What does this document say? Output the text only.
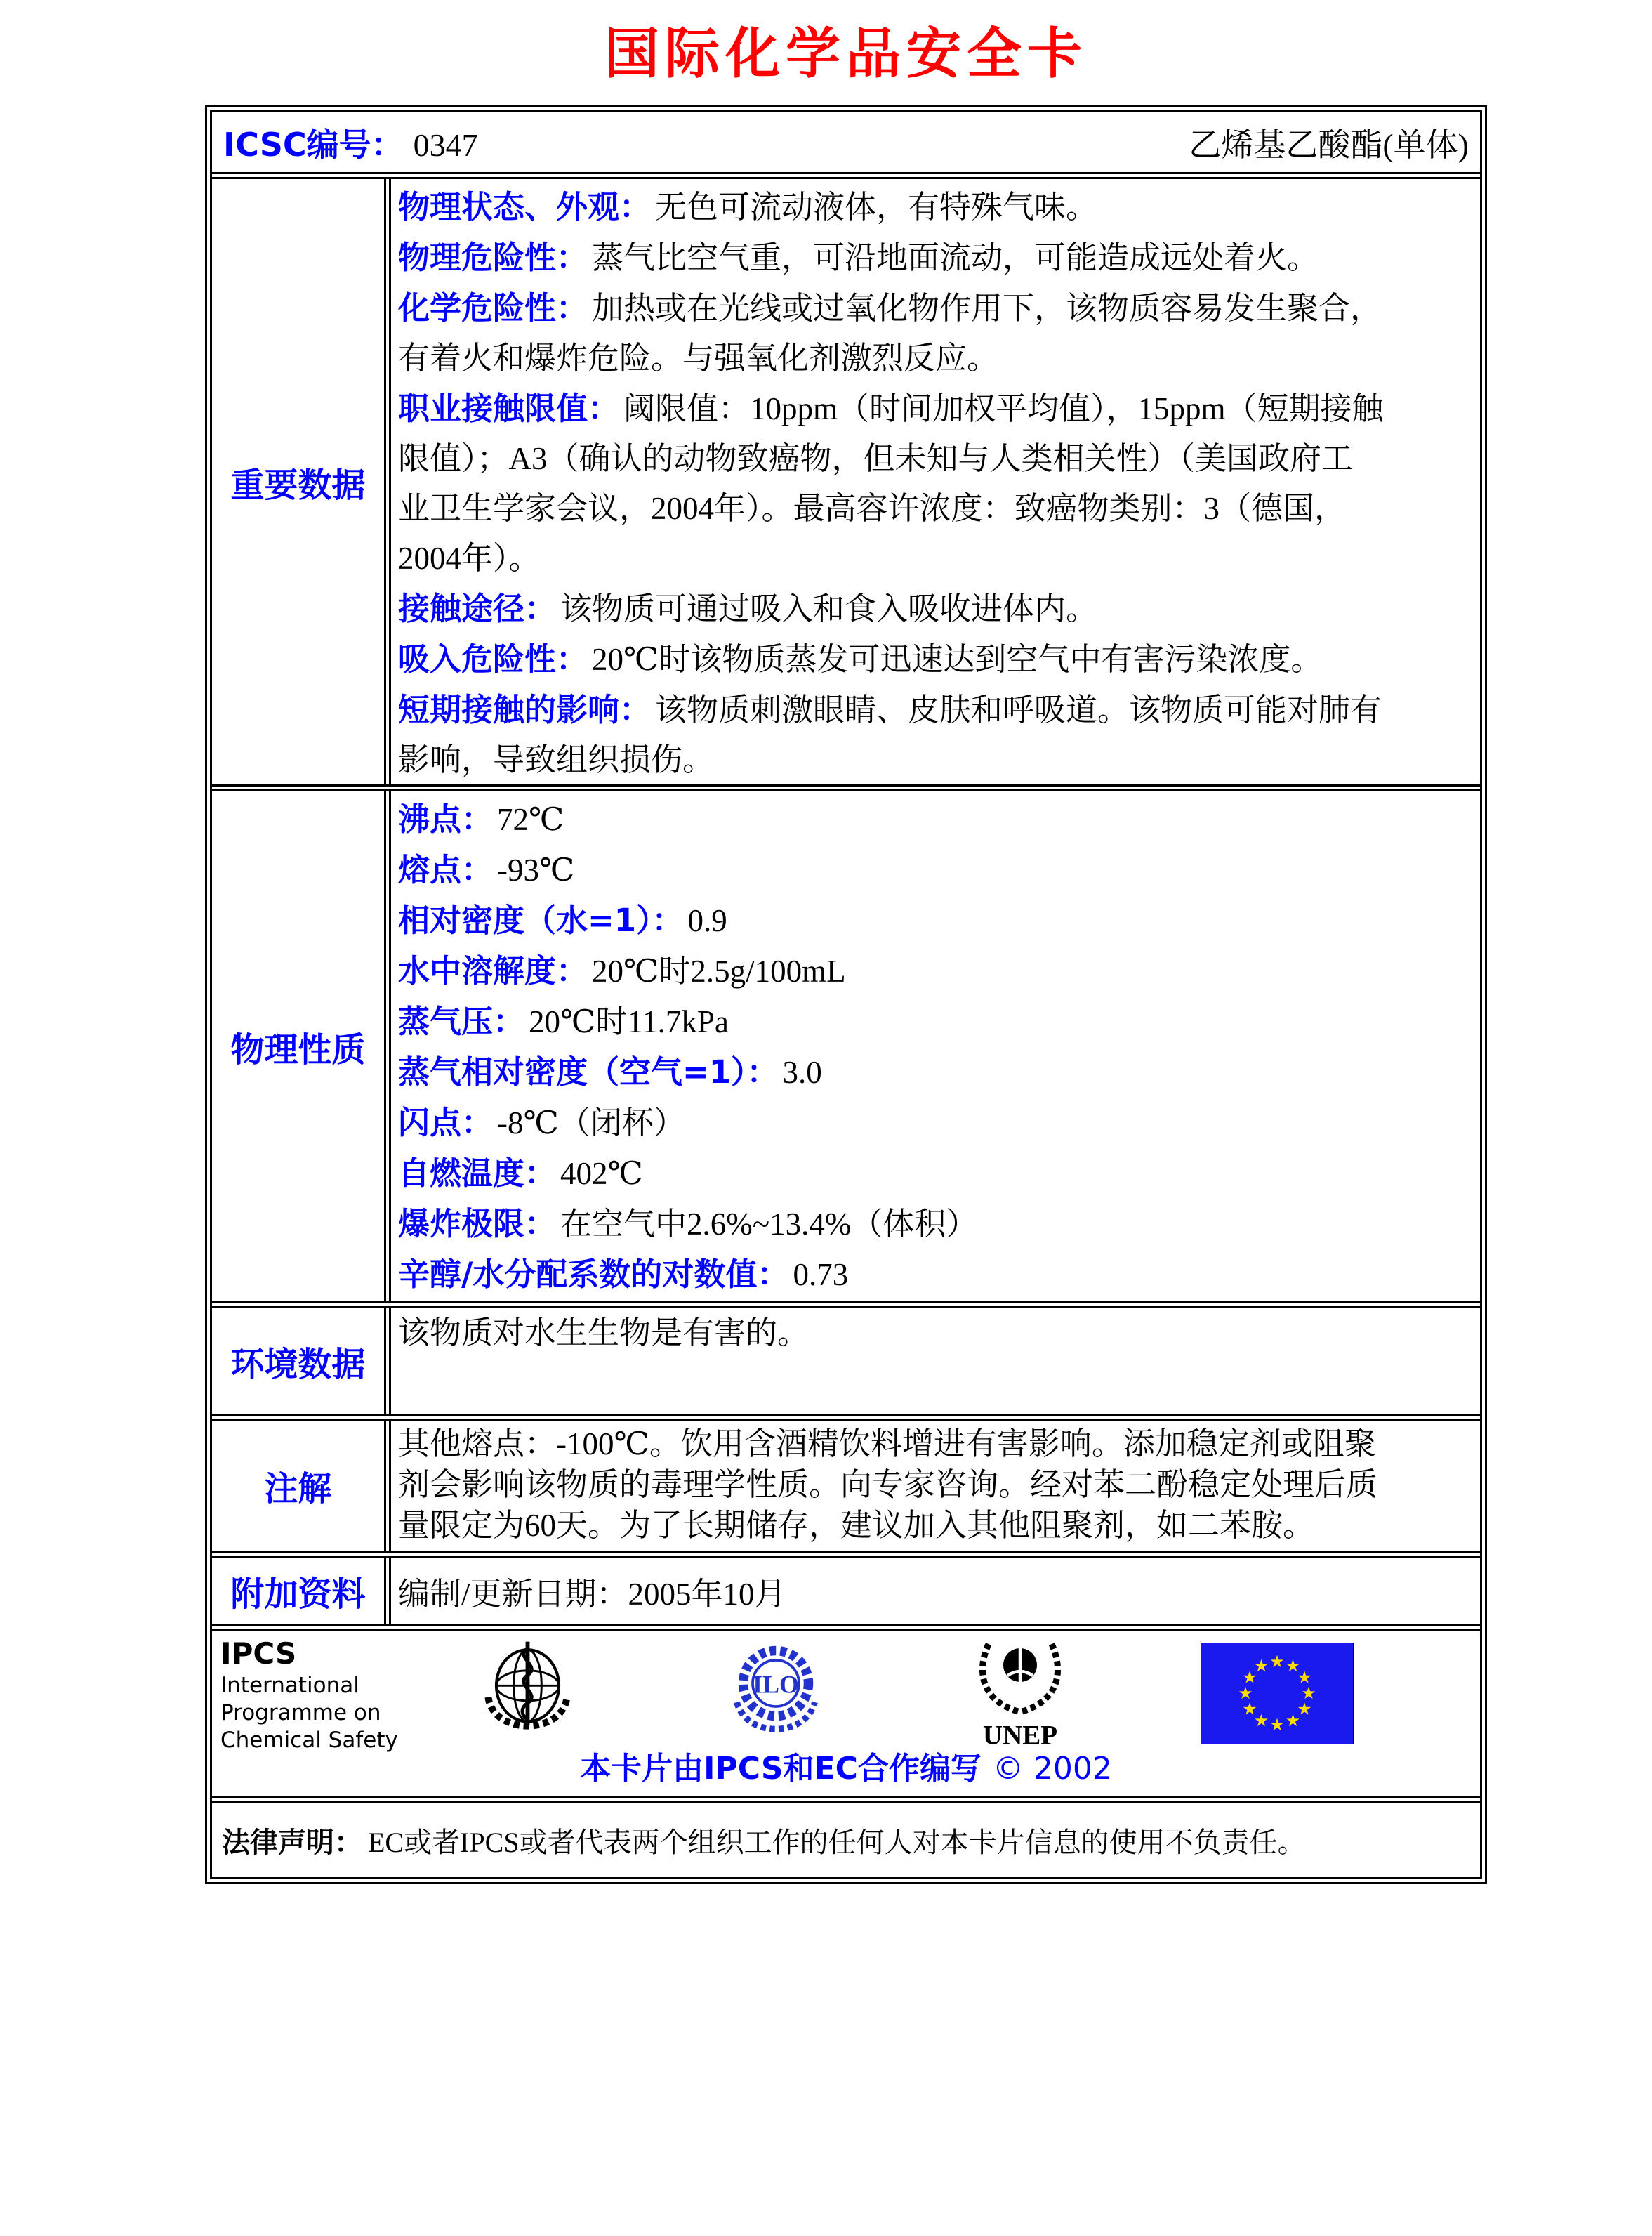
国际化学品安全卡
ICSC编号： 0347	乙烯基乙酸酯(单体)
重要数据
物理状态、外观： 无色可流动液体，有特殊气味。
物理危险性： 蒸气比空气重，可沿地面流动，可能造成远处着火。
化学危险性： 加热或在光线或过氧化物作用下，该物质容易发生聚合，
有着火和爆炸危险。与强氧化剂激烈反应。
职业接触限值： 阈限值：10ppm（时间加权平均值），15ppm（短期接触
限值）；A3（确认的动物致癌物，但未知与人类相关性）（美国政府工
业卫生学家会议，2004年）。最高容许浓度：致癌物类别：3（德国，
2004年）。
接触途径： 该物质可通过吸入和食入吸收进体内。
吸入危险性： 20℃时该物质蒸发可迅速达到空气中有害污染浓度。
短期接触的影响： 该物质刺激眼睛、皮肤和呼吸道。该物质可能对肺有
影响，导致组织损伤。
物理性质
沸点： 72℃
熔点： -93℃
相对密度（水=1）： 0.9
水中溶解度： 20℃时2.5g/100mL
蒸气压： 20℃时11.7kPa
蒸气相对密度（空气=1）： 3.0
闪点： -8℃（闭杯）
自燃温度： 402℃
爆炸极限： 在空气中2.6%~13.4%（体积）
辛醇/水分配系数的对数值： 0.73
环境数据
该物质对水生生物是有害的。
注解
其他熔点：-100℃。饮用含酒精饮料增进有害影响。添加稳定剂或阻聚
剂会影响该物质的毒理学性质。向专家咨询。经对苯二酚稳定处理后质
量限定为60天。为了长期储存，建议加入其他阻聚剂，如二苯胺。
附加资料	编制/更新日期：2005年10月
IPCS
International
Programme on
Chemical Safety
ILO
UNEP
★ ★
★
★
★
★
★
★
★
★
★
★
本卡片由IPCS和EC合作编写 © 2002
法律声明： EC或者IPCS或者代表两个组织工作的任何人对本卡片信息的使用不负责任。
